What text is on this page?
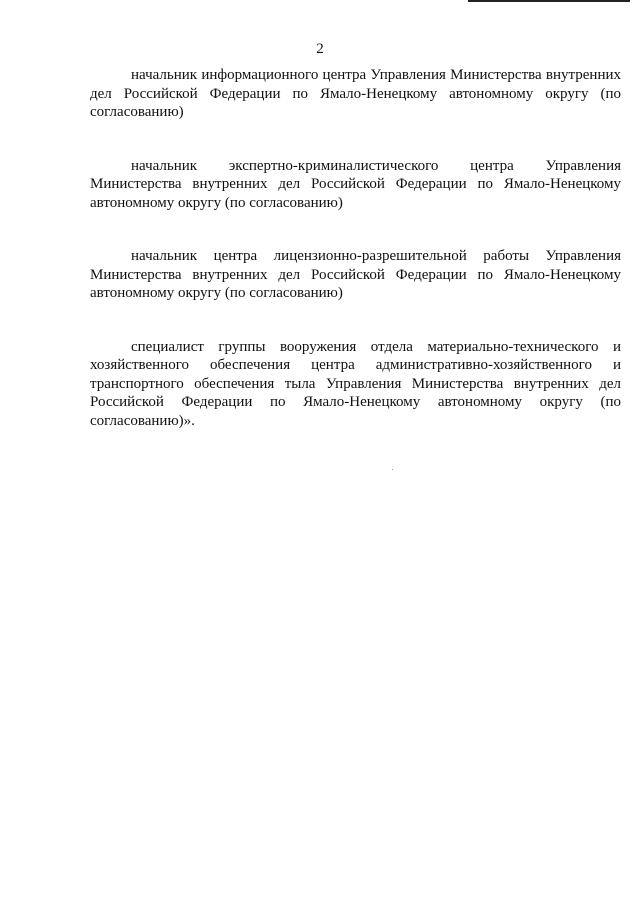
2

начальник информационного центра Управления Министерства внутренних дел Российской Федерации по Ямало-Ненецкому автономному округу (по согласованию)

начальник экспертно-криминалистического центра Управления Министерства внутренних дел Российской Федерации по Ямало-Ненецкому автономному округу (по согласованию)

начальник центра лицензионно-разрешительной работы Управления Министерства внутренних дел Российской Федерации по Ямало-Ненецкому автономному округу (по согласованию)

специалист группы вооружения отдела материально-технического и хозяйственного обеспечения центра административно-хозяйственного и транспортного обеспечения тыла Управления Министерства внутренних дел Российской Федерации по Ямало-Ненецкому автономному округу (по согласованию)».
